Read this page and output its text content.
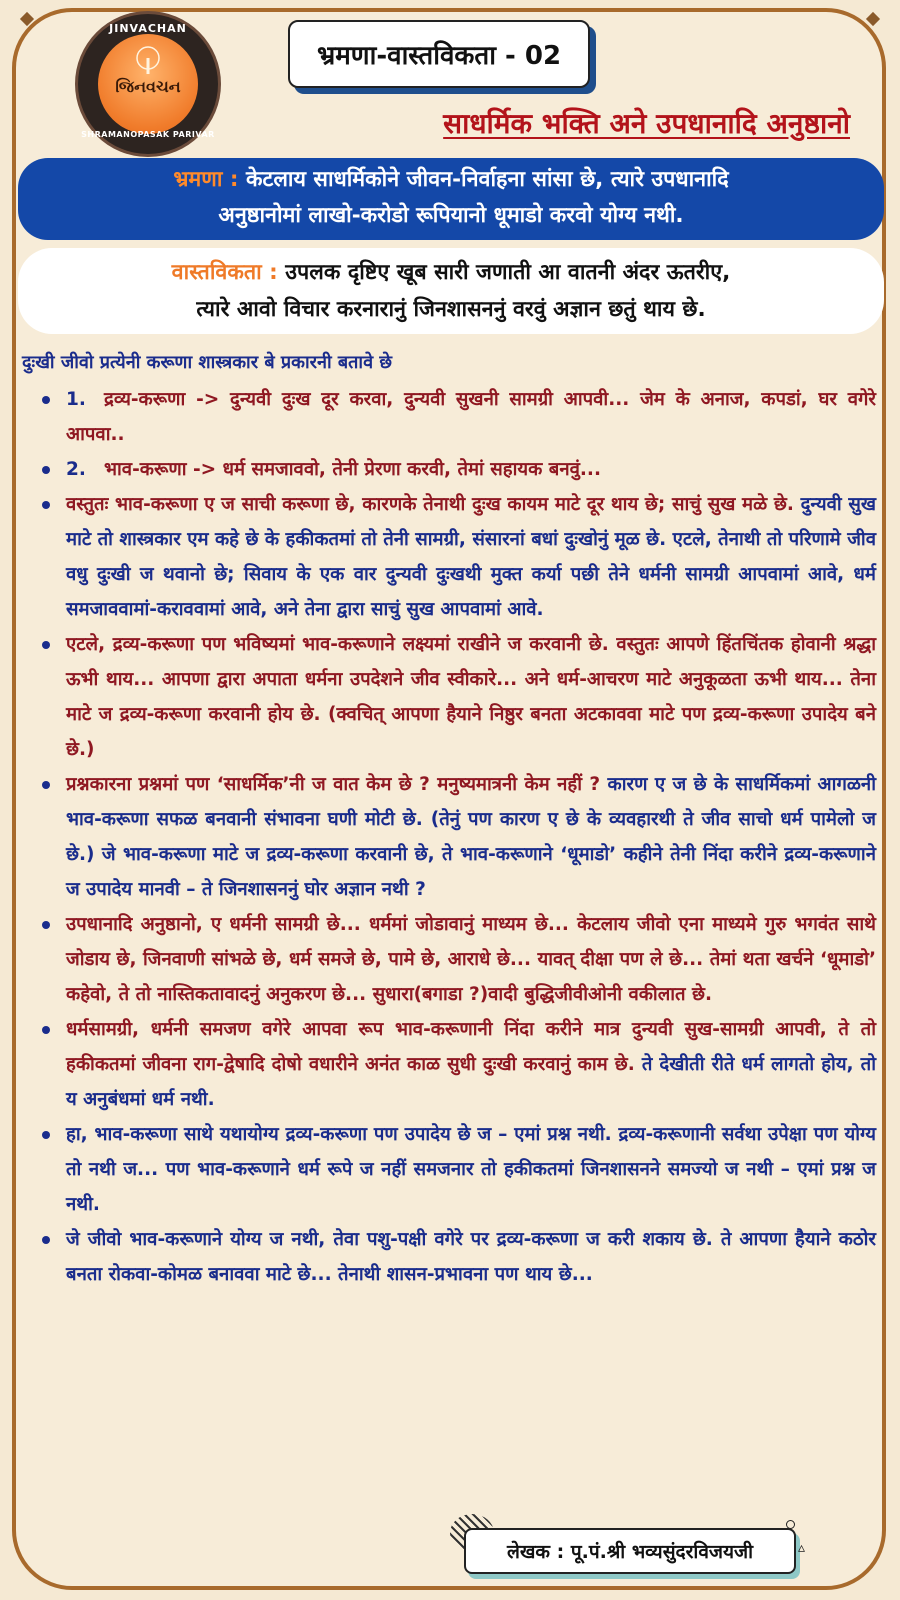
JINVACHAN
જિનવચન
SHRAMANOPASAK PARIVAR
भ्रमणा-वास्तविकता - 02
साधर्मिक भक्ति अने उपधानादि अनुष्ठानो
भ्रमणा : केटलाय साधर्मिकोने जीवन-निर्वाहना सांसा छे, त्यारे उपधानादि
अनुष्ठानोमां लाखो-करोडो रूपियानो धूमाडो करवो योग्य नथी.
वास्तविकता : उपलक दृष्टिए खूब सारी जणाती आ वातनी अंदर ऊतरीए,
त्यारे आवो विचार करनारानुं जिनशासननुं वरवुं अज्ञान छतुं थाय छे.
दुःखी जीवो प्रत्येनी करूणा शास्त्रकार बे प्रकारनी बतावे छे
1. द्रव्य-करूणा -> दुन्यवी दुःख दूर करवा, दुन्यवी सुखनी सामग्री आपवी... जेम के अनाज, कपडां, घर वगेरे आपवा..
2. भाव-करूणा -> धर्म समजाववो, तेनी प्रेरणा करवी, तेमां सहायक बनवुं...
वस्तुतः भाव-करूणा ए ज साची करूणा छे, कारणके तेनाथी दुःख कायम माटे दूर थाय छे; साचुं सुख मळे छे. दुन्यवी सुख माटे तो शास्त्रकार एम कहे छे के हकीकतमां तो तेनी सामग्री, संसारनां बधां दुःखोनुं मूळ छे. एटले, तेनाथी तो परिणामे जीव वधु दुःखी ज थवानो छे; सिवाय के एक वार दुन्यवी दुःखथी मुक्त कर्या पछी तेने धर्मनी सामग्री आपवामां आवे, धर्म समजाववामां-कराववामां आवे, अने तेना द्वारा साचुं सुख आपवामां आवे.
एटले, द्रव्य-करूणा पण भविष्यमां भाव-करूणाने लक्ष्यमां राखीने ज करवानी छे. वस्तुतः आपणे हिंतचिंतक होवानी श्रद्धा ऊभी थाय... आपणा द्वारा अपाता धर्मना उपदेशने जीव स्वीकारे... अने धर्म-आचरण माटे अनुकूळता ऊभी थाय... तेना माटे ज द्रव्य-करूणा करवानी होय छे. (क्वचित् आपणा हैयाने निष्ठुर बनता अटकाववा माटे पण द्रव्य-करूणा उपादेय बने छे.)
प्रश्नकारना प्रश्नमां पण ‘साधर्मिक’नी ज वात केम छे ? मनुष्यमात्रनी केम नहीं ? कारण ए ज छे के साधर्मिकमां आगळनी भाव-करूणा सफळ बनवानी संभावना घणी मोटी छे. (तेनुं पण कारण ए छे के व्यवहारथी ते जीव साचो धर्म पामेलो ज छे.) जे भाव-करूणा माटे ज द्रव्य-करूणा करवानी छे, ते भाव-करूणाने ‘धूमाडो’ कहीने तेनी निंदा करीने द्रव्य-करूणाने ज उपादेय मानवी – ते जिनशासननुं घोर अज्ञान नथी ?
उपधानादि अनुष्ठानो, ए धर्मनी सामग्री छे... धर्ममां जोडावानुं माध्यम छे... केटलाय जीवो एना माध्यमे गुरु भगवंत साथे जोडाय छे, जिनवाणी सांभळे छे, धर्म समजे छे, पामे छे, आराधे छे... यावत् दीक्षा पण ले छे... तेमां थता खर्चने ‘धूमाडो’ कहेवो, ते तो नास्तिकतावादनुं अनुकरण छे... सुधारा(बगाडा ?)वादी बुद्धिजीवीओनी वकीलात छे.
धर्मसामग्री, धर्मनी समजण वगेरे आपवा रूप भाव-करूणानी निंदा करीने मात्र दुन्यवी सुख-सामग्री आपवी, ते तो हकीकतमां जीवना राग-द्वेषादि दोषो वधारीने अनंत काळ सुधी दुःखी करवानुं काम छे. ते देखीती रीते धर्म लागतो होय, तो य अनुबंधमां धर्म नथी.
हा, भाव-करूणा साथे यथायोग्य द्रव्य-करूणा पण उपादेय छे ज – एमां प्रश्न नथी. द्रव्य-करूणानी सर्वथा उपेक्षा पण योग्य तो नथी ज... पण भाव-करूणाने धर्म रूपे ज नहीं समजनार तो हकीकतमां जिनशासनने समज्यो ज नथी – एमां प्रश्न ज नथी.
जे जीवो भाव-करूणाने योग्य ज नथी, तेवा पशु-पक्षी वगेरे पर द्रव्य-करूणा ज करी शकाय छे. ते आपणा हैयाने कठोर बनता रोकवा-कोमळ बनाववा माटे छे... तेनाथी शासन-प्रभावना पण थाय छे...
लेखक : पू.पं.श्री भव्यसुंदरविजयजी	▵
